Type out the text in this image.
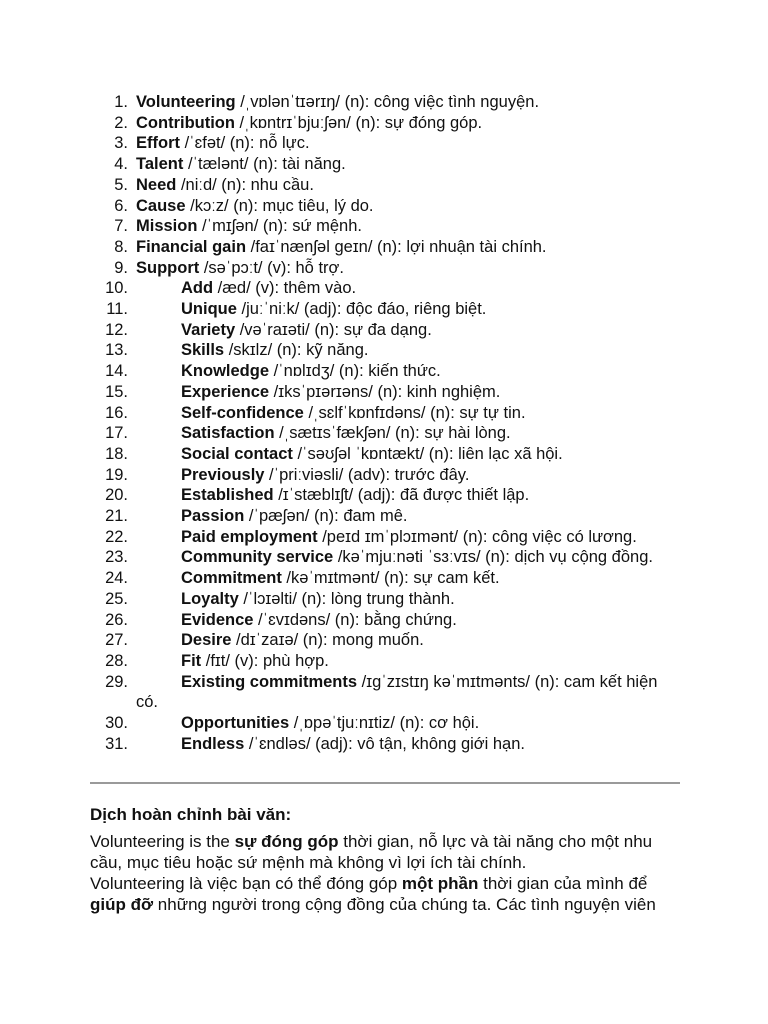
1. Volunteering /ˌvɒlənˈtɪərɪŋ/ (n): công việc tình nguyện.
2. Contribution /ˌkɒntrɪˈbjuːʃən/ (n): sự đóng góp.
3. Effort /ˈɛfət/ (n): nỗ lực.
4. Talent /ˈtælənt/ (n): tài năng.
5. Need /niːd/ (n): nhu cầu.
6. Cause /kɔːz/ (n): mục tiêu, lý do.
7. Mission /ˈmɪʃən/ (n): sứ mệnh.
8. Financial gain /faɪˈnænʃəl geɪn/ (n): lợi nhuận tài chính.
9. Support /səˈpɔːt/ (v): hỗ trợ.
10.	Add /æd/ (v): thêm vào.
11.	Unique /juːˈniːk/ (adj): độc đáo, riêng biệt.
12.	Variety /vəˈraɪəti/ (n): sự đa dạng.
13.	Skills /skɪlz/ (n): kỹ năng.
14.	Knowledge /ˈnɒlɪdʒ/ (n): kiến thức.
15.	Experience /ɪksˈpɪərɪəns/ (n): kinh nghiệm.
16.	Self-confidence /ˌsɛlfˈkɒnfɪdəns/ (n): sự tự tin.
17.	Satisfaction /ˌsætɪsˈfækʃən/ (n): sự hài lòng.
18.	Social contact /ˈsəʊʃəl ˈkɒntækt/ (n): liên lạc xã hội.
19.	Previously /ˈpriːviəsli/ (adv): trước đây.
20.	Established /ɪˈstæblɪʃt/ (adj): đã được thiết lập.
21.	Passion /ˈpæʃən/ (n): đam mê.
22.	Paid employment /peɪd ɪmˈplɔɪmənt/ (n): công việc có lương.
23.	Community service /kəˈmjuːnəti ˈsɜːvɪs/ (n): dịch vụ cộng đồng.
24.	Commitment /kəˈmɪtmənt/ (n): sự cam kết.
25.	Loyalty /ˈlɔɪəlti/ (n): lòng trung thành.
26.	Evidence /ˈɛvɪdəns/ (n): bằng chứng.
27.	Desire /dɪˈzaɪə/ (n): mong muốn.
28.	Fit /fɪt/ (v): phù hợp.
29.	Existing commitments /ɪgˈzɪstɪŋ kəˈmɪtmənts/ (n): cam kết hiện có.
30.	Opportunities /ˌɒpəˈtjuːnɪtiz/ (n): cơ hội.
31.	Endless /ˈɛndləs/ (adj): vô tận, không giới hạn.

Dịch hoàn chỉnh bài văn:

Volunteering is the sự đóng góp thời gian, nỗ lực và tài năng cho một nhu cầu, mục tiêu hoặc sứ mệnh mà không vì lợi ích tài chính.

Volunteering là việc bạn có thể đóng góp một phần thời gian của mình để giúp đỡ những người trong cộng đồng của chúng ta. Các tình nguyện viên
